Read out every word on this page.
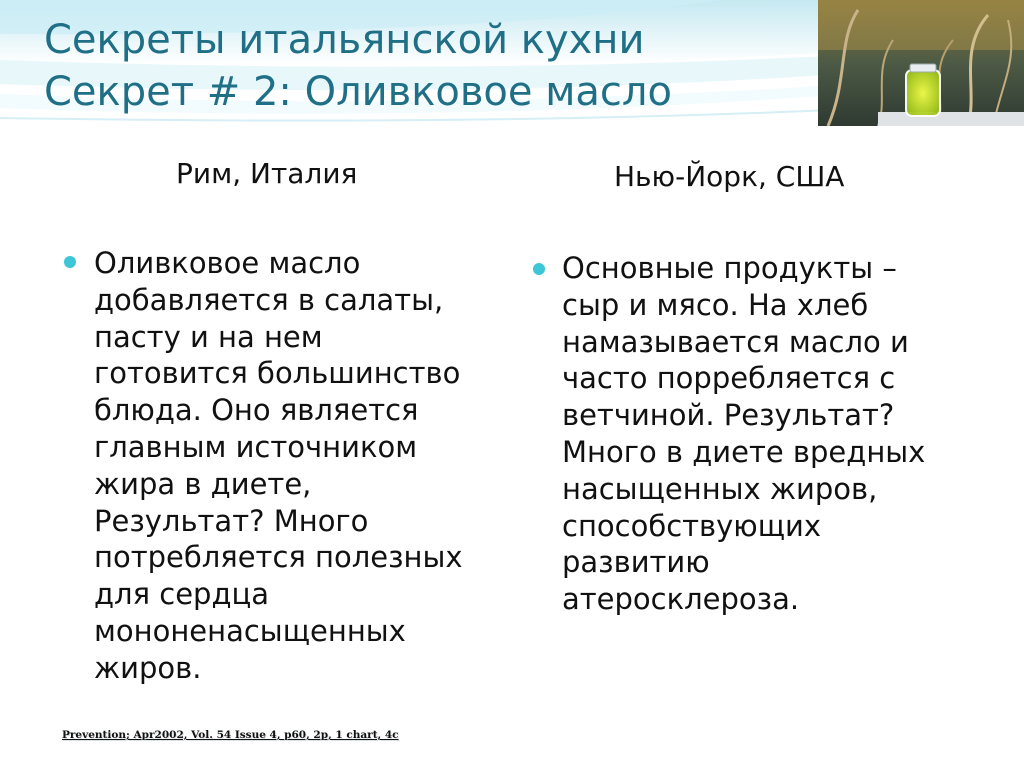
Секреты итальянской кухни
Секрет # 2: Оливковое масло
Рим, Италия
Оливковое масло
добавляется в салаты,
пасту и на нем
готовится большинство
блюда. Оно является
главным источником
жира в диете,
Результат? Много
потребляется полезных
для сердца
мононенасыщенных
жиров.
Нью-Йорк, США
Основные продукты –
сыр и мясо. На хлеб
намазывается масло и
часто порребляется с
ветчиной. Результат?
Много в диете вредных
насыщенных жиров,
способствующих
развитию
атеросклероза.
Prevention; Apr2002, Vol. 54 Issue 4, p60, 2p, 1 chart, 4c
